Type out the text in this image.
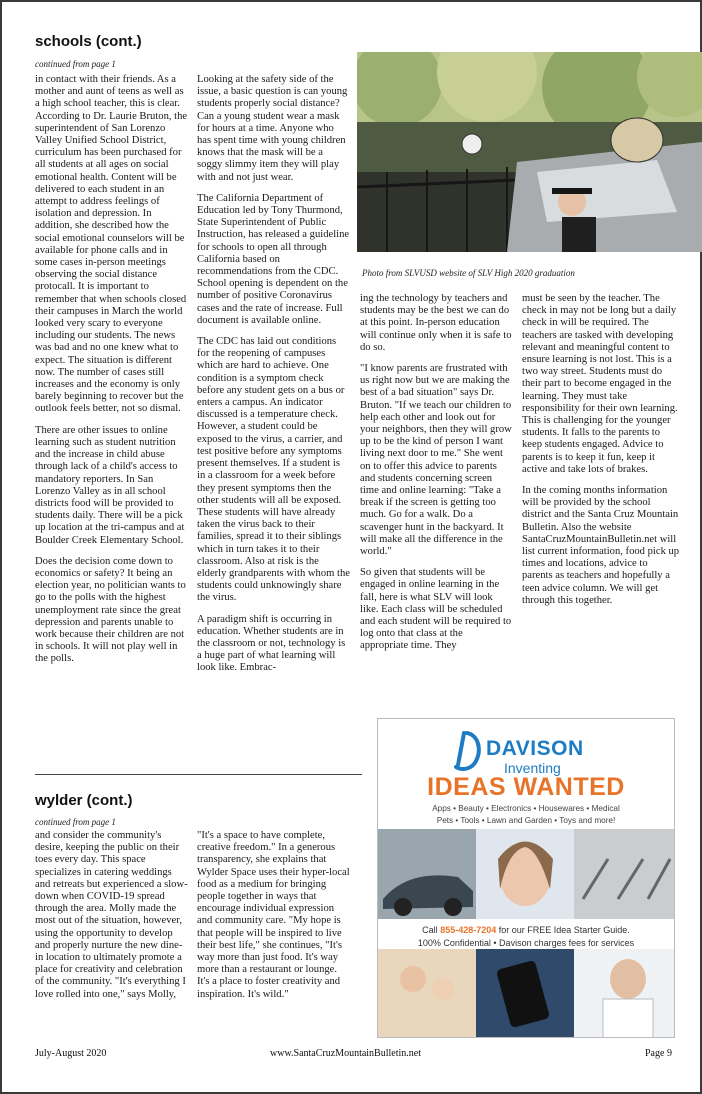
schools (cont.)
continued from page 1

in contact with their friends. As a mother and aunt of teens as well as a high school teacher, this is clear. According to Dr. Laurie Bruton, the superintendent of San Lorenzo Valley Unified School District, curriculum has been purchased for all students at all ages on social emotional health. Content will be delivered to each student in an attempt to address feelings of isolation and depression. In addition, she described how the social emotional counselors will be available for phone calls and in some cases in-person meetings observing the social distance protocall. It is important to remember that when schools closed their campuses in March the world looked very scary to everyone including our students. The news was bad and no one knew what to expect. The situation is different now. The number of cases still increases and the economy is only barely beginning to recover but the outlook feels better, not so dismal.

There are other issues to online learning such as student nutrition and the increase in child abuse through lack of a child's access to mandatory reporters. In San Lorenzo Valley as in all school districts food will be provided to students daily. There will be a pick up location at the tri-campus and at Boulder Creek Elementary School.

Does the decision come down to economics or safety? It being an election year, no politician wants to go to the polls with the highest unemployment rate since the great depression and parents unable to work because their children are not in schools. It will not play well in the polls.

Looking at the safety side of the issue, a basic question is can young students properly social distance? Can a young student wear a mask for hours at a time. Anyone who has spent time with young children knows that the mask will be a soggy slimmy item they will play with and not just wear.

The California Department of Education led by Tony Thurmond, State Superintendent of Public Instruction, has released a guideline for schools to open all through California based on recommendations from the CDC. School opening is dependent on the number of positive Coronavirus cases and the rate of increase. Full document is available online.

The CDC has laid out conditions for the reopening of campuses which are hard to achieve. One condition is a symptom check before any student gets on a bus or enters a campus. An indicator discussed is a temperature check. However, a student could be exposed to the virus, a carrier, and test positive before any symptoms present themselves. If a student is in a classroom for a week before they present symptoms then the other students will all be exposed. These students will have already taken the virus back to their families, spread it to their siblings which in turn takes it to their classroom. Also at risk is the elderly grandparents with whom the students could unknowingly share the virus.

A paradigm shift is occurring in education. Whether students are in the classroom or not, technology is a huge part of what learning will look like. Embrac-

Photo from SLVUSD website of SLV High 2020 graduation

ing the technology by teachers and students may be the best we can do at this point. In-person education will continue only when it is safe to do so.

"I know parents are frustrated with us right now but we are making the best of a bad situation" says Dr. Bruton. "If we teach our children to help each other and look out for your neighbors, then they will grow up to be the kind of person I want living next door to me." She went on to offer this advice to parents and students concerning screen time and online learning: "Take a break if the screen is getting too much. Go for a walk. Do a scavenger hunt in the backyard. It will make all the difference in the world."

So given that students will be engaged in online learning in the fall, here is what SLV will look like. Each class will be scheduled and each student will be required to log onto that class at the appropriate time. They

must be seen by the teacher. The check in may not be long but a daily check in will be required. The teachers are tasked with developing relevant and meaningful content to ensure learning is not lost. This is a two way street. Students must do their part to become engaged in the learning. They must take responsibility for their own learning. This is challenging for the younger students. It falls to the parents to keep students engaged. Advice to parents is to keep it fun, keep it active and take lots of brakes.

In the coming months information will be provided by the school district and the Santa Cruz Mountain Bulletin. Also the website SantaCruzMountainBulletin.net will list current information, food pick up times and locations, advice to parents as teachers and hopefully a teen advice column. We will get through this together.

wylder (cont.)
continued from page 1

and consider the community's desire, keeping the public on their toes every day. This space specializes in catering weddings and retreats but experienced a slow-down when COVID-19 spread through the area. Molly made the most out of the situation, however, using the opportunity to develop and properly nurture the new dine-in location to ultimately promote a place for creativity and celebration of the community. "It's everything I love rolled into one," says Molly,

"It's a space to have complete, creative freedom." In a generous transparency, she explains that Wylder Space uses their hyper-local food as a medium for bringing people together in ways that encourage individual expression and community care. "My hope is that people will be inspired to live their best life," she continues, "It's way more than just food. It's way more than a restaurant or lounge. It's a place to foster creativity and inspiration. It's wild."

DAVISON
Inventing
IDEAS WANTED
Apps • Beauty • Electronics • Housewares • Medical
Pets • Tools • Lawn and Garden • Toys and more!
Call 855-428-7204 for our FREE Idea Starter Guide.
100% Confidential • Davison charges fees for services
July-August 2020	www.SantaCruzMountainBulletin.net	Page 9
